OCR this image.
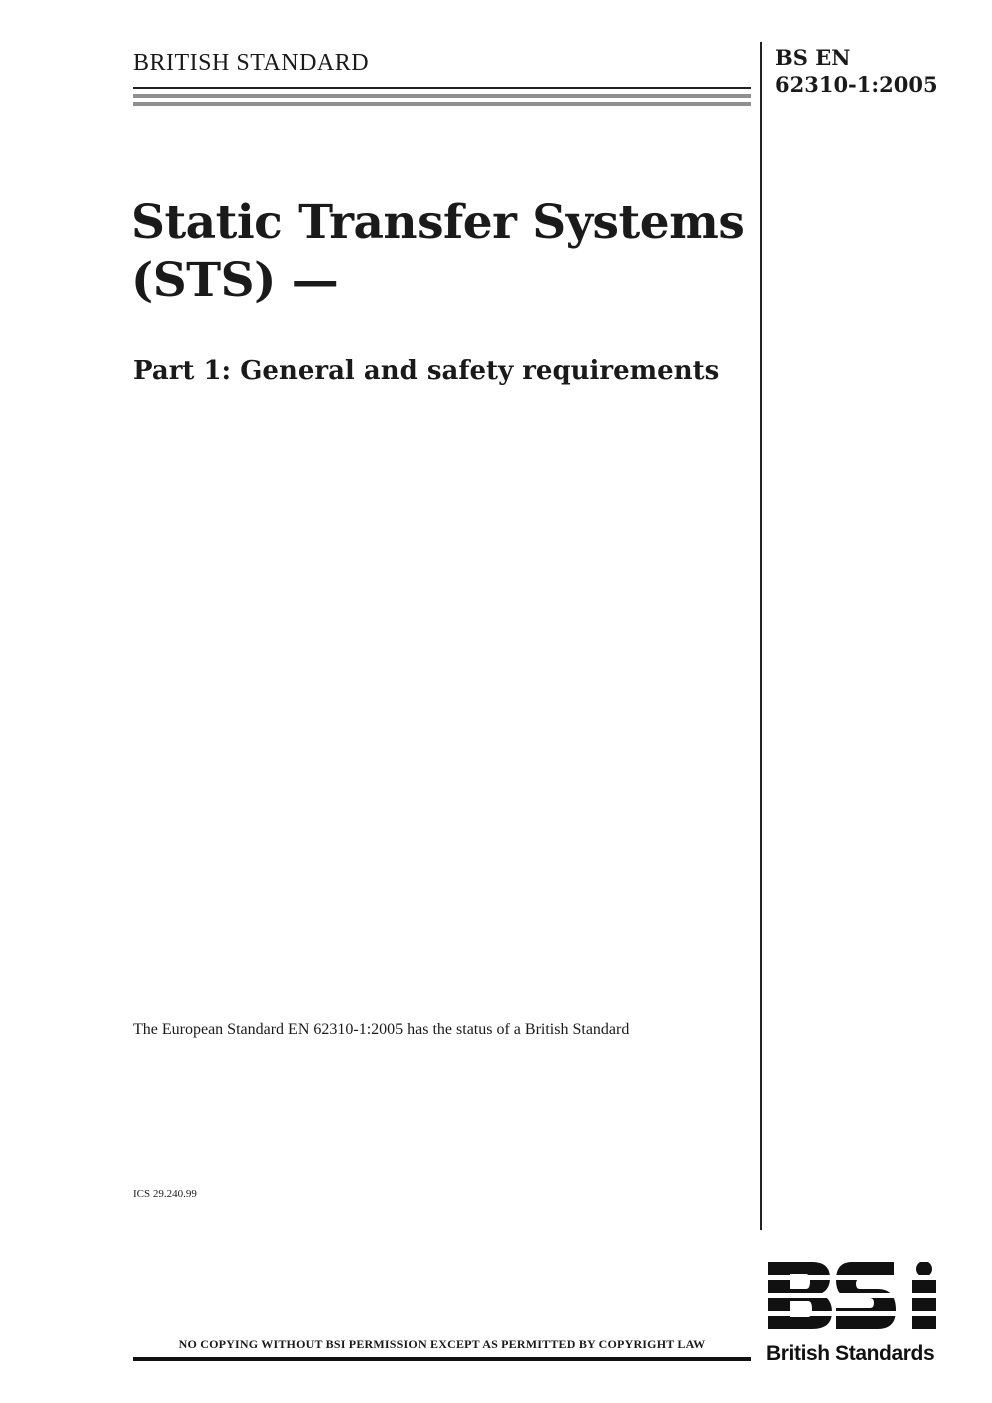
BRITISH STANDARD	BS EN
62310-1:2005
Static Transfer Systems (STS) —
Part 1: General and safety requirements
The European Standard EN 62310-1:2005 has the status of a British Standard
ICS 29.240.99
NO COPYING WITHOUT BSI PERMISSION EXCEPT AS PERMITTED BY COPYRIGHT LAW	British Standards
